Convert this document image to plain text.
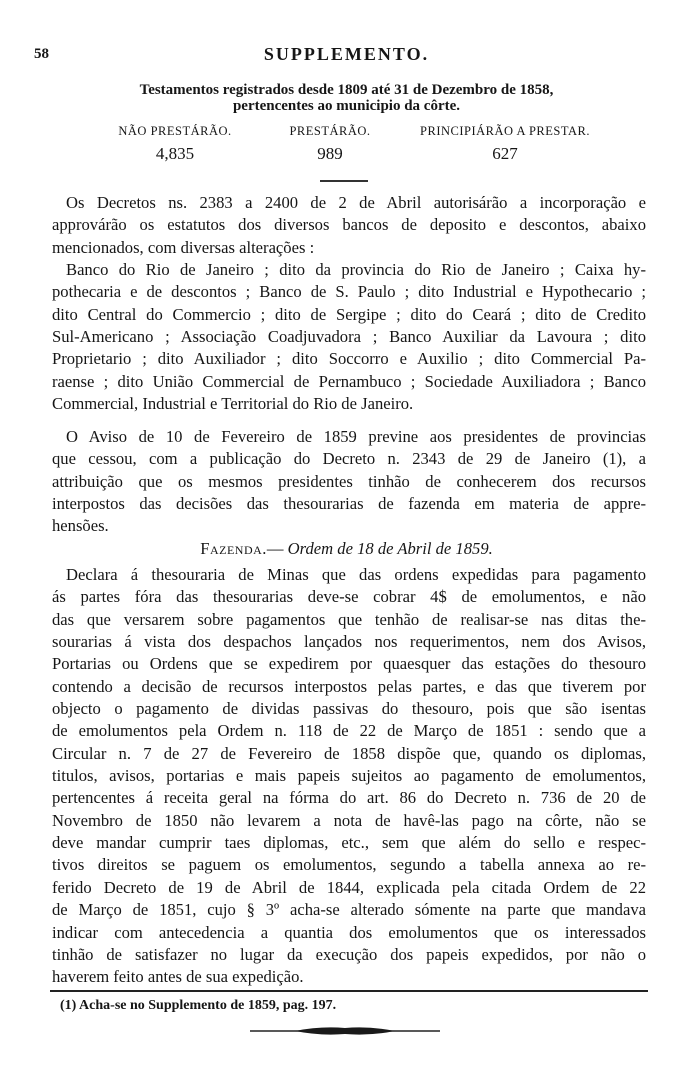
58	SUPPLEMENTO.
Testamentos registrados desde 1809 até 31 de Dezembro de 1858,
pertencentes ao municipio da côrte.
NÃO PRESTÁRÃO.
4,835
PRESTÁRÃO.
989
PRINCIPIÁRÃO A PRESTAR.
627
Os Decretos ns. 2383 a 2400 de 2 de Abril autorisárão a incorporação e
approvárão os estatutos dos diversos bancos de deposito e descontos, abaixo
mencionados, com diversas alterações :
Banco do Rio de Janeiro ; dito da provincia do Rio de Janeiro ; Caixa hy-
pothecaria e de descontos ; Banco de S. Paulo ; dito Industrial e Hypothecario ;
dito Central do Commercio ; dito de Sergipe ; dito do Ceará ; dito de Credito
Sul-Americano ; Associação Coadjuvadora ; Banco Auxiliar da Lavoura ; dito
Proprietario ; dito Auxiliador ; dito Soccorro e Auxilio ; dito Commercial Pa-
raense ; dito União Commercial de Pernambuco ; Sociedade Auxiliadora ; Banco
Commercial, Industrial e Territorial do Rio de Janeiro.
O Aviso de 10 de Fevereiro de 1859 previne aos presidentes de provincias
que cessou, com a publicação do Decreto n. 2343 de 29 de Janeiro (1), a
attribuição que os mesmos presidentes tinhão de conhecerem dos recursos
interpostos das decisões das thesourarias de fazenda em materia de appre-
hensões.
Fazenda.— Ordem de 18 de Abril de 1859.
Declara á thesouraria de Minas que das ordens expedidas para pagamento
ás partes fóra das thesourarias deve-se cobrar 4$ de emolumentos, e não
das que versarem sobre pagamentos que tenhão de realisar-se nas ditas the-
sourarias á vista dos despachos lançados nos requerimentos, nem dos Avisos,
Portarias ou Ordens que se expedirem por quaesquer das estações do thesouro
contendo a decisão de recursos interpostos pelas partes, e das que tiverem por
objecto o pagamento de dividas passivas do thesouro, pois que são isentas
de emolumentos pela Ordem n. 118 de 22 de Março de 1851 : sendo que a
Circular n. 7 de 27 de Fevereiro de 1858 dispõe que, quando os diplomas,
titulos, avisos, portarias e mais papeis sujeitos ao pagamento de emolumentos,
pertencentes á receita geral na fórma do art. 86 do Decreto n. 736 de 20 de
Novembro de 1850 não levarem a nota de havê-las pago na côrte, não se
deve mandar cumprir taes diplomas, etc., sem que além do sello e respec-
tivos direitos se paguem os emolumentos, segundo a tabella annexa ao re-
ferido Decreto de 19 de Abril de 1844, explicada pela citada Ordem de 22
de Março de 1851, cujo § 3º acha-se alterado sómente na parte que mandava
indicar com antecedencia a quantia dos emolumentos que os interessados
tinhão de satisfazer no lugar da execução dos papeis expedidos, por não o
haverem feito antes de sua expedição.
(1) Acha-se no Supplemento de 1859, pag. 197.
